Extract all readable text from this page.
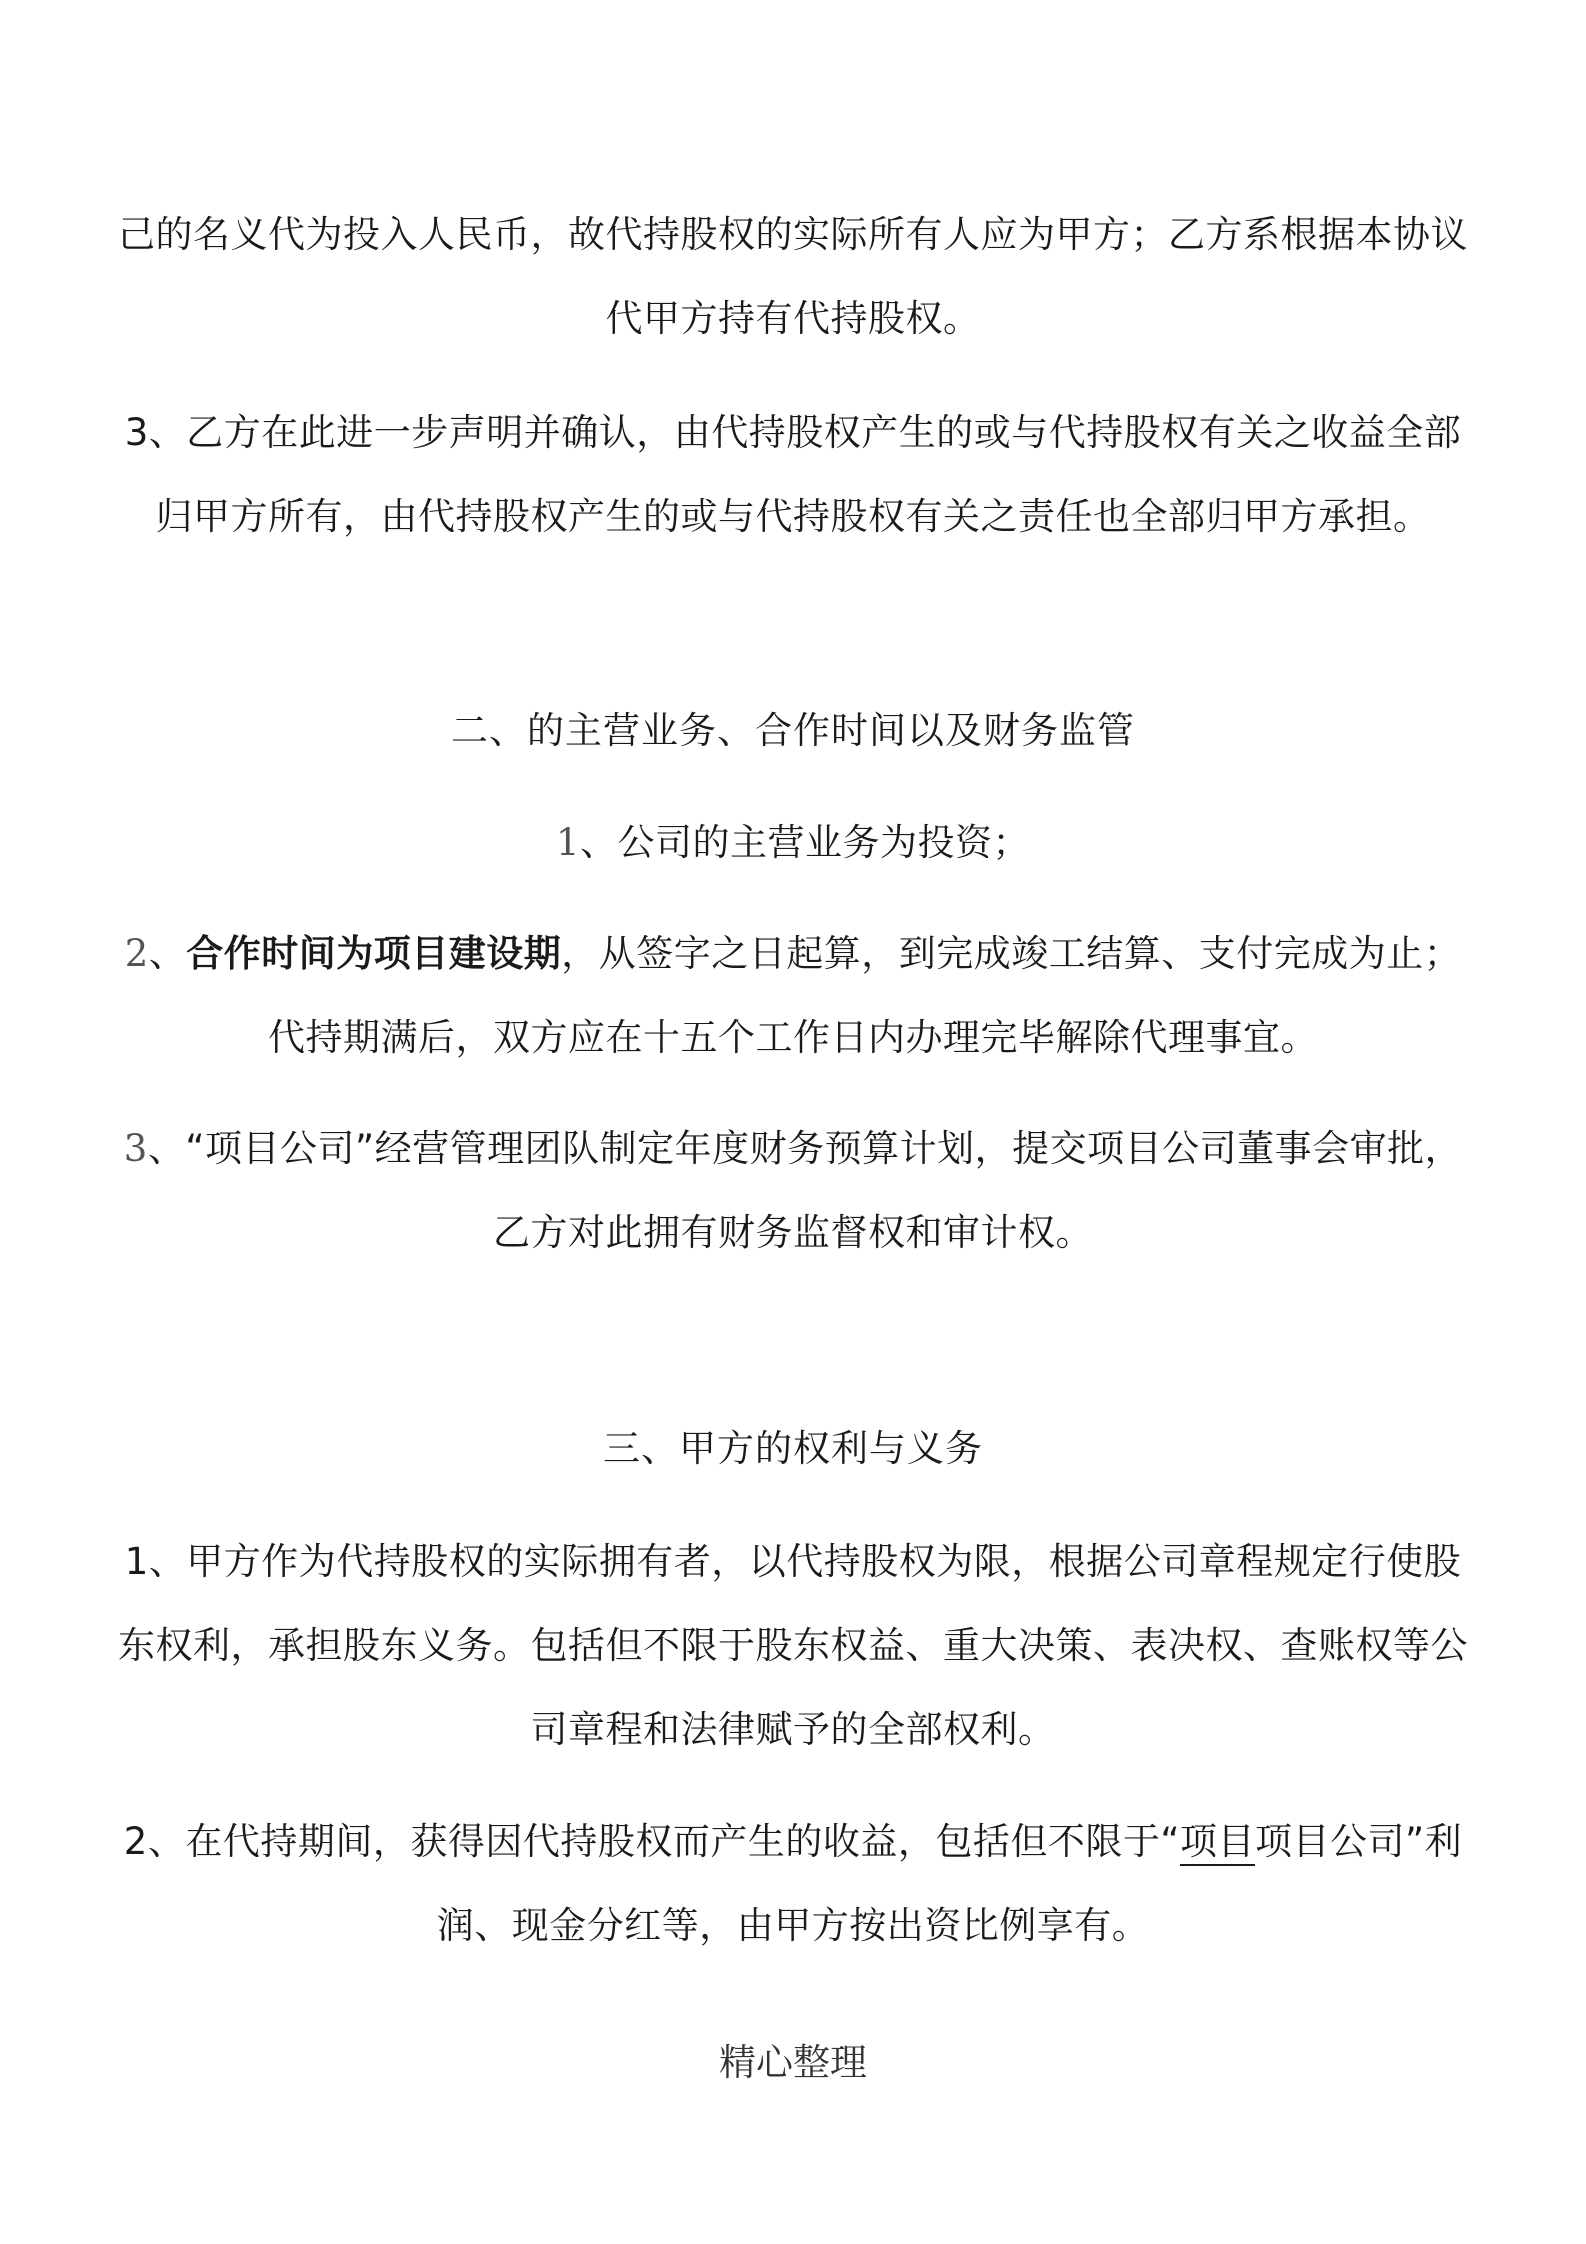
己的名义代为投入人民币，故代持股权的实际所有人应为甲方；乙方系根据本协议代甲方持有代持股权。

3、乙方在此进一步声明并确认，由代持股权产生的或与代持股权有关之收益全部归甲方所有，由代持股权产生的或与代持股权有关之责任也全部归甲方承担。

二、的主营业务、合作时间以及财务监管

1、公司的主营业务为投资；

2、合作时间为项目建设期，从签字之日起算，到完成竣工结算、支付完成为止；代持期满后，双方应在十五个工作日内办理完毕解除代理事宜。

3、“项目公司”经营管理团队制定年度财务预算计划，提交项目公司董事会审批，乙方对此拥有财务监督权和审计权。

三、甲方的权利与义务

1、甲方作为代持股权的实际拥有者，以代持股权为限，根据公司章程规定行使股东权利，承担股东义务。包括但不限于股东权益、重大决策、表决权、查账权等公司章程和法律赋予的全部权利。

2、在代持期间，获得因代持股权而产生的收益，包括但不限于“项目项目公司”利润、现金分红等，由甲方按出资比例享有。

精心整理
